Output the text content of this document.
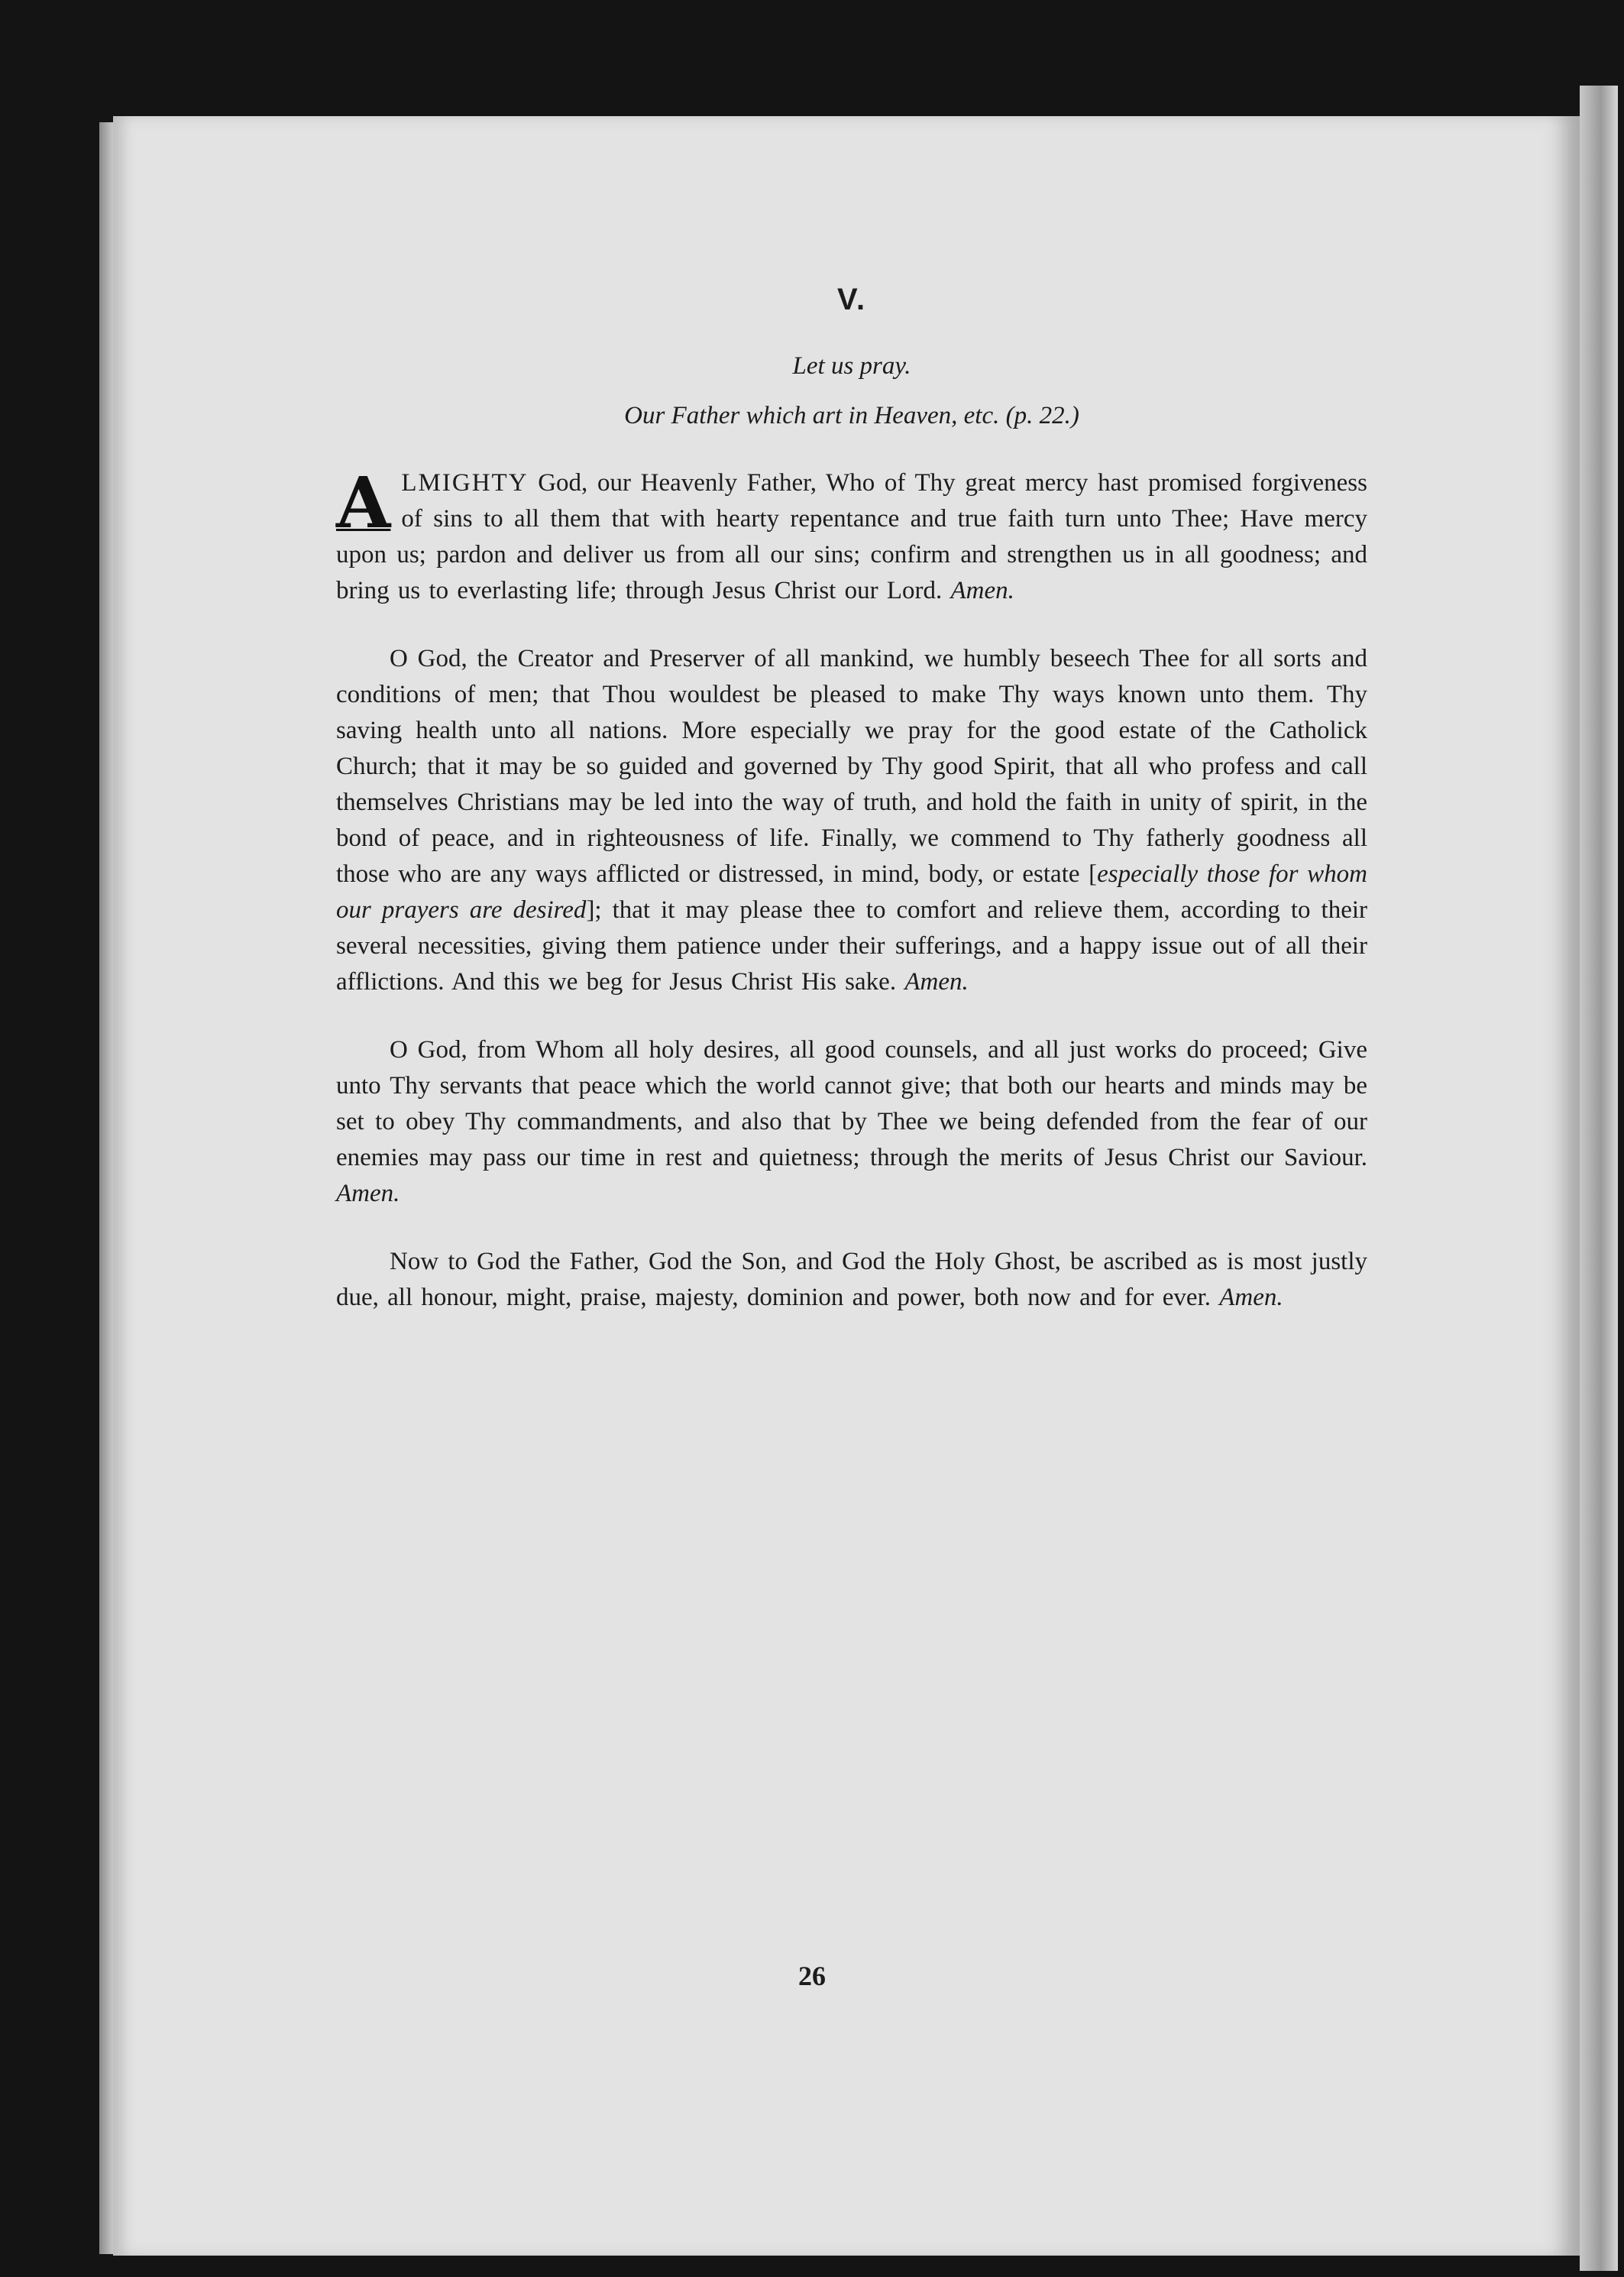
V.
Let us pray.
Our Father which art in Heaven, etc. (p. 22.)

ALMIGHTY God, our Heavenly Father, Who of Thy great mercy hast promised forgiveness of sins to all them that with hearty repentance and true faith turn unto Thee; Have mercy upon us; pardon and deliver us from all our sins; confirm and strengthen us in all goodness; and bring us to everlasting life; through Jesus Christ our Lord. Amen.

O God, the Creator and Preserver of all mankind, we humbly beseech Thee for all sorts and conditions of men; that Thou wouldest be pleased to make Thy ways known unto them. Thy saving health unto all nations. More especially we pray for the good estate of the Catholick Church; that it may be so guided and governed by Thy good Spirit, that all who profess and call themselves Christians may be led into the way of truth, and hold the faith in unity of spirit, in the bond of peace, and in righteousness of life. Finally, we commend to Thy fatherly goodness all those who are any ways afflicted or distressed, in mind, body, or estate [especially those for whom our prayers are desired]; that it may please thee to comfort and relieve them, according to their several necessities, giving them patience under their sufferings, and a happy issue out of all their afflictions. And this we beg for Jesus Christ His sake. Amen.

O God, from Whom all holy desires, all good counsels, and all just works do proceed; Give unto Thy servants that peace which the world cannot give; that both our hearts and minds may be set to obey Thy commandments, and also that by Thee we being defended from the fear of our enemies may pass our time in rest and quietness; through the merits of Jesus Christ our Saviour. Amen.

Now to God the Father, God the Son, and God the Holy Ghost, be ascribed as is most justly due, all honour, might, praise, majesty, dominion and power, both now and for ever. Amen.

26
